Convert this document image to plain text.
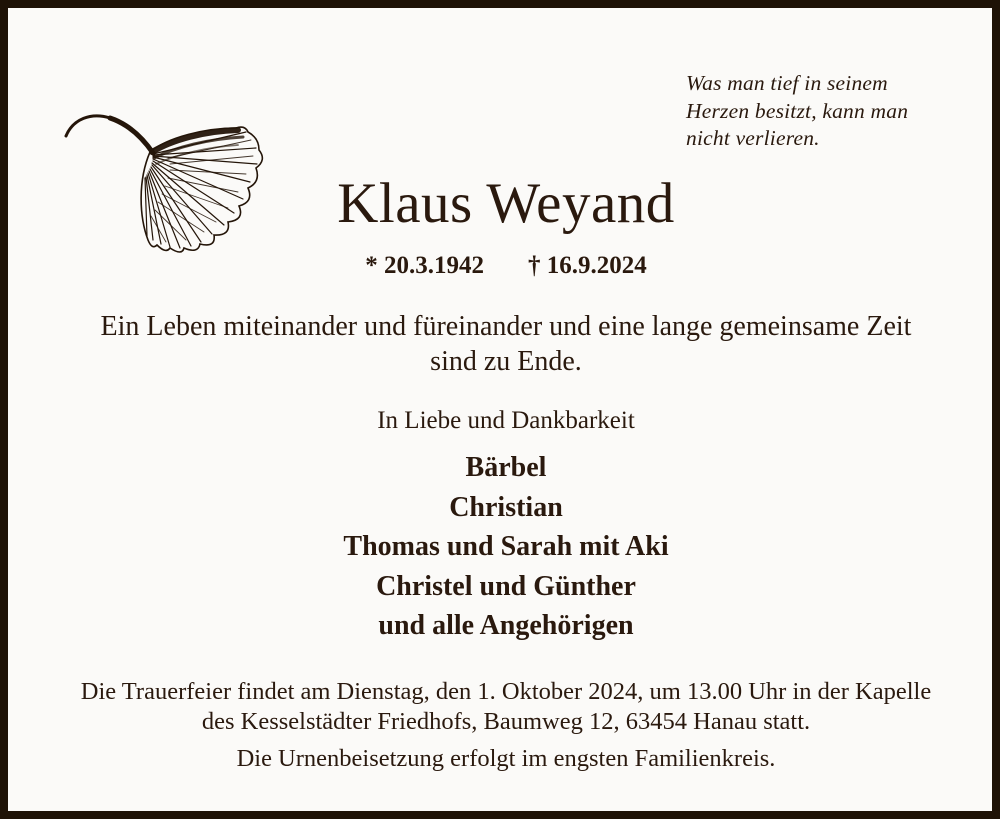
Was man tief in seinem
Herzen besitzt, kann man
nicht verlieren.
Klaus Weyand
* 20.3.1942 † 16.9.2024
Ein Leben miteinander und füreinander und eine lange gemeinsame Zeit
sind zu Ende.
In Liebe und Dankbarkeit
Bärbel
Christian
Thomas und Sarah mit Aki
Christel und Günther
und alle Angehörigen
Die Trauerfeier findet am Dienstag, den 1. Oktober 2024, um 13.00 Uhr in der Kapelle
des Kesselstädter Friedhofs, Baumweg 12, 63454 Hanau statt.
Die Urnenbeisetzung erfolgt im engsten Familienkreis.
